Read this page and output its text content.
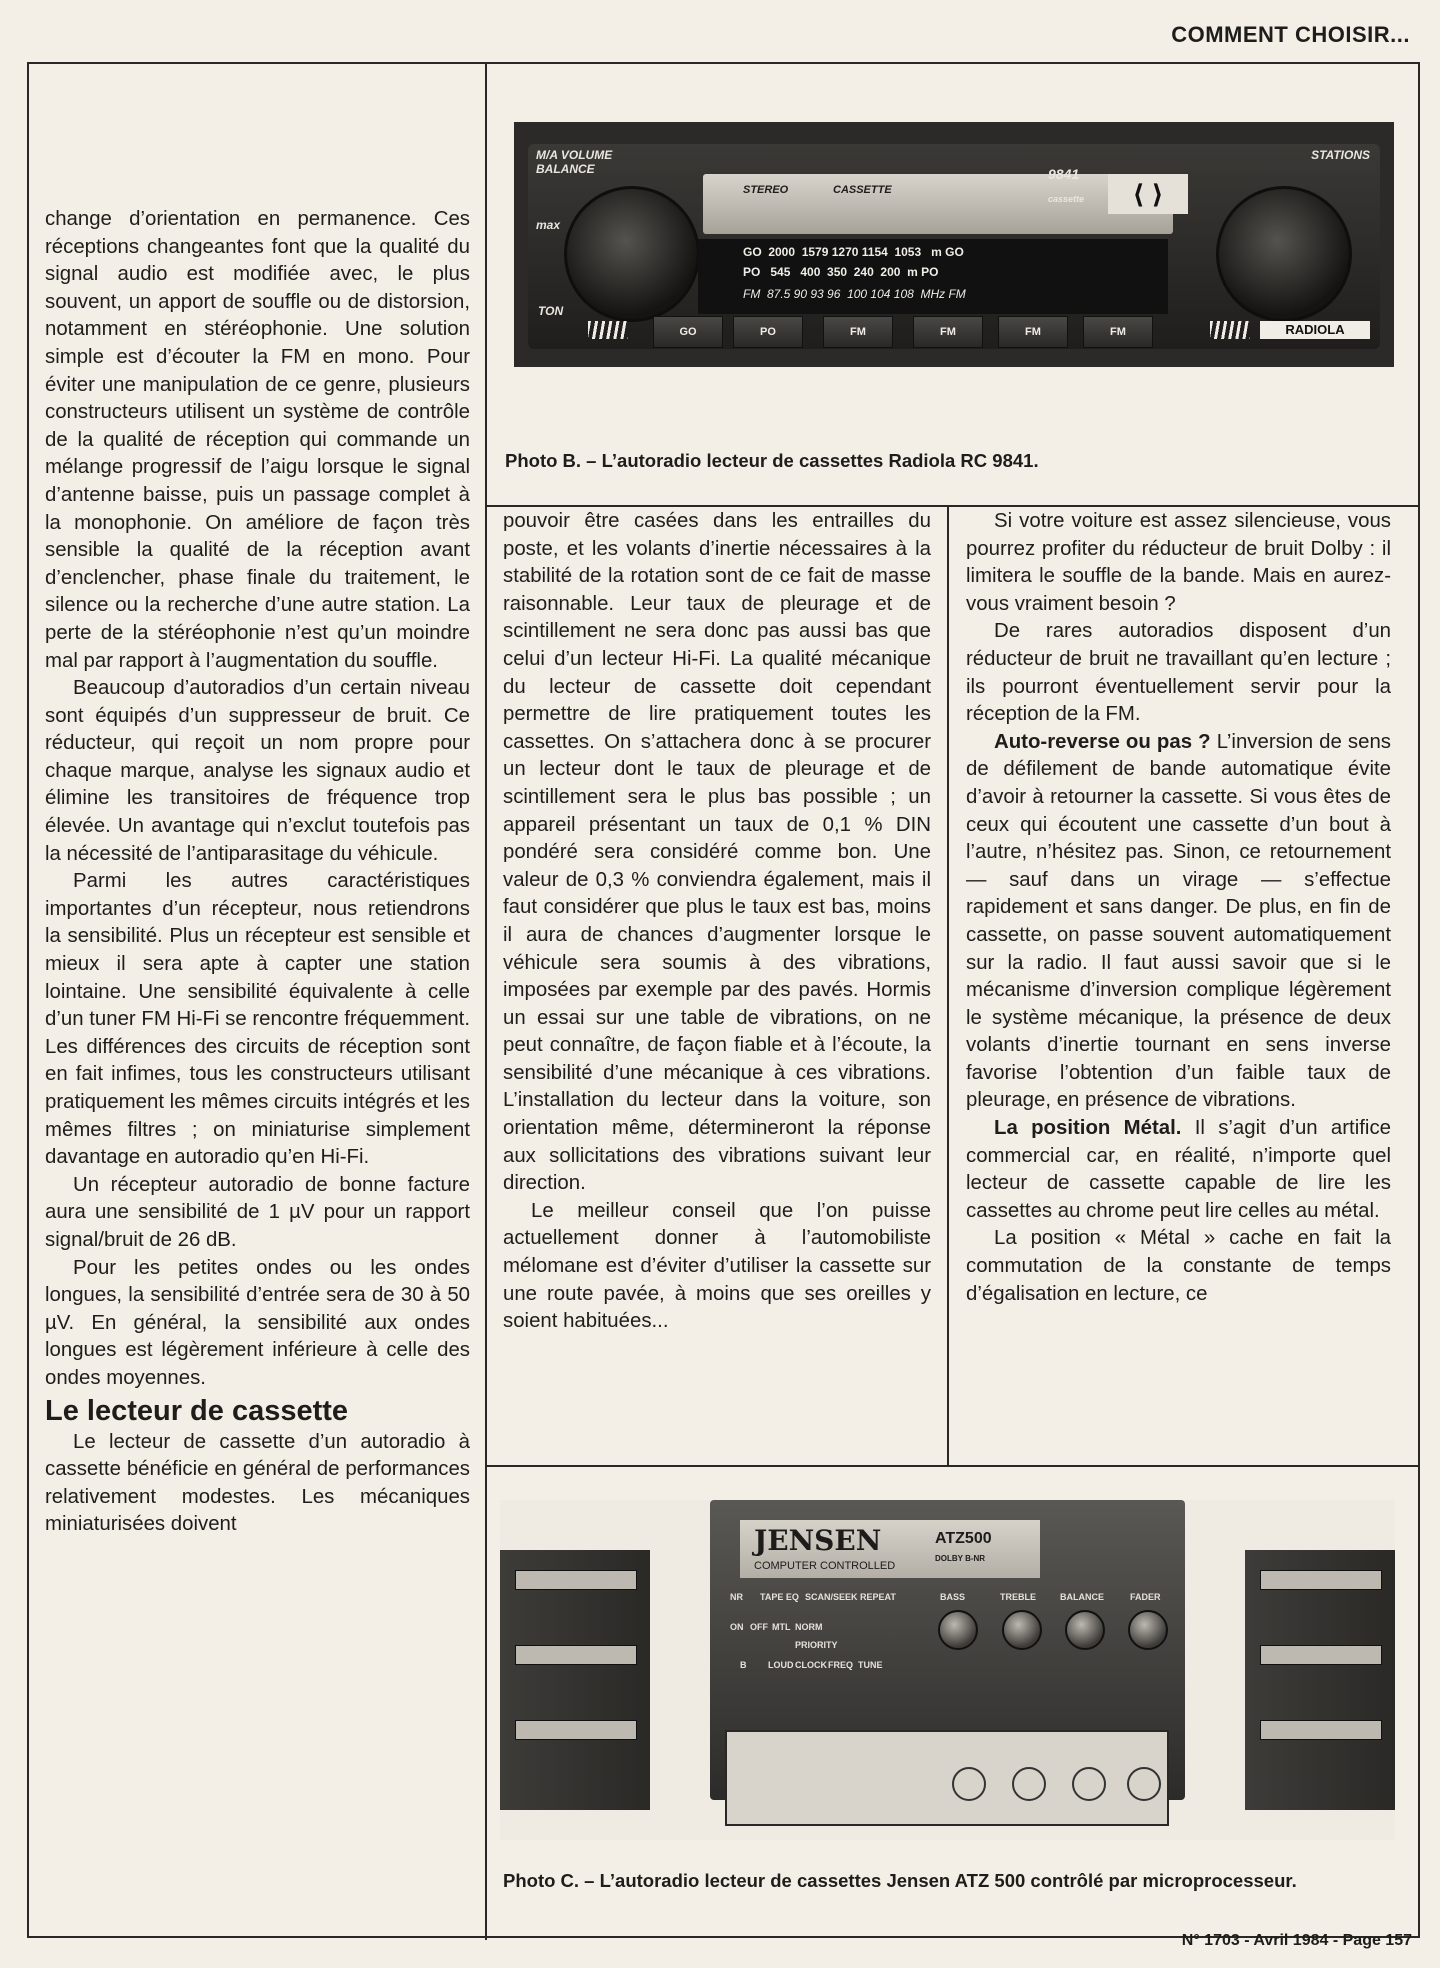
COMMENT CHOISIR...
M/A VOLUME
BALANCE
STATIONS
max
TON
STEREO	CASSETTE
9841
cassette	⟨ ⟩
GO  2000  1579 1270 1154  1053   m GO
PO   545   400  350  240  200  m PO
FM  87.5 90 93 96  100 104 108  MHz FM
GO	PO	FM	FM	FM	FM	RADIOLA
Photo B. – L’autoradio lecteur de cassettes Radiola RC 9841.

change d’orientation en permanence. Ces réceptions changeantes font que la qualité du signal audio est modifiée avec, le plus souvent, un apport de souffle ou de distorsion, notamment en stéréophonie. Une solution simple est d’écouter la FM en mono. Pour éviter une manipulation de ce genre, plusieurs constructeurs utilisent un système de contrôle de la qualité de réception qui commande un mélange progressif de l’aigu lorsque le signal d’antenne baisse, puis un passage complet à la monophonie. On améliore de façon très sensible la qualité de la réception avant d’enclencher, phase finale du traitement, le silence ou la recherche d’une autre station. La perte de la stéréophonie n’est qu’un moindre mal par rapport à l’augmentation du souffle.

Beaucoup d’autoradios d’un certain niveau sont équipés d’un suppresseur de bruit. Ce réducteur, qui reçoit un nom propre pour chaque marque, analyse les signaux audio et élimine les transitoires de fréquence trop élevée. Un avantage qui n’exclut toutefois pas la nécessité de l’antiparasitage du véhicule.

Parmi les autres caractéristiques importantes d’un récepteur, nous retiendrons la sensibilité. Plus un récepteur est sensible et mieux il sera apte à capter une station lointaine. Une sensibilité équivalente à celle d’un tuner FM Hi-Fi se rencontre fréquemment. Les différences des circuits de réception sont en fait infimes, tous les constructeurs utilisant pratiquement les mêmes circuits intégrés et les mêmes filtres ; on miniaturise simplement davantage en autoradio qu’en Hi-Fi.

Un récepteur autoradio de bonne facture aura une sensibilité de 1 µV pour un rapport signal/bruit de 26 dB.

Pour les petites ondes ou les ondes longues, la sensibilité d’entrée sera de 30 à 50 µV. En général, la sensibilité aux ondes longues est légèrement inférieure à celle des ondes moyennes.

Le lecteur de cassette

Le lecteur de cassette d’un autoradio à cassette bénéficie en général de performances relativement modestes. Les mécaniques miniaturisées doivent

pouvoir être casées dans les entrailles du poste, et les volants d’inertie nécessaires à la stabilité de la rotation sont de ce fait de masse raisonnable. Leur taux de pleurage et de scintillement ne sera donc pas aussi bas que celui d’un lecteur Hi-Fi. La qualité mécanique du lecteur de cassette doit cependant permettre de lire pratiquement toutes les cassettes. On s’attachera donc à se procurer un lecteur dont le taux de pleurage et de scintillement sera le plus bas possible ; un appareil présentant un taux de 0,1 % DIN pondéré sera considéré comme bon. Une valeur de 0,3 % conviendra également, mais il faut considérer que plus le taux est bas, moins il aura de chances d’augmenter lorsque le véhicule sera soumis à des vibrations, imposées par exemple par des pavés. Hormis un essai sur une table de vibrations, on ne peut connaître, de façon fiable et à l’écoute, la sensibilité d’une mécanique à ces vibrations. L’installation du lecteur dans la voiture, son orientation même, détermineront la réponse aux sollicitations des vibrations suivant leur direction.

Le meilleur conseil que l’on puisse actuellement donner à l’automobiliste mélomane est d’éviter d’utiliser la cassette sur une route pavée, à moins que ses oreilles y soient habituées...

Si votre voiture est assez silencieuse, vous pourrez profiter du réducteur de bruit Dolby : il limitera le souffle de la bande. Mais en aurez-vous vraiment besoin ?

De rares autoradios disposent d’un réducteur de bruit ne travaillant qu’en lecture ; ils pourront éventuellement servir pour la réception de la FM.

Auto-reverse ou pas ? L’inversion de sens de défilement de bande automatique évite d’avoir à retourner la cassette. Si vous êtes de ceux qui écoutent une cassette d’un bout à l’autre, n’hésitez pas. Sinon, ce retournement — sauf dans un virage — s’effectue rapidement et sans danger. De plus, en fin de cassette, on passe souvent automatiquement sur la radio. Il faut aussi savoir que si le mécanisme d’inversion complique légèrement le système mécanique, la présence de deux volants d’inertie tournant en sens inverse favorise l’obtention d’un faible taux de pleurage, en présence de vibrations.

La position Métal. Il s’agit d’un artifice commercial car, en réalité, n’importe quel lecteur de cassette capable de lire les cassettes au chrome peut lire celles au métal.

La position « Métal » cache en fait la commutation de la constante de temps d’égalisation en lecture, ce

JENSEN
COMPUTER CONTROLLED
ATZ500
DOLBY B-NR
NR TAPE EQ SCAN/SEEK REPEAT
ON OFF MTL NORM
PRIORITY
B LOUD CLOCK FREQ TUNE
BASS	TREBLE	BALANCE	FADER
Photo C. – L’autoradio lecteur de cassettes Jensen ATZ 500 contrôlé par microprocesseur.
N° 1703 - Avril 1984 - Page 157
